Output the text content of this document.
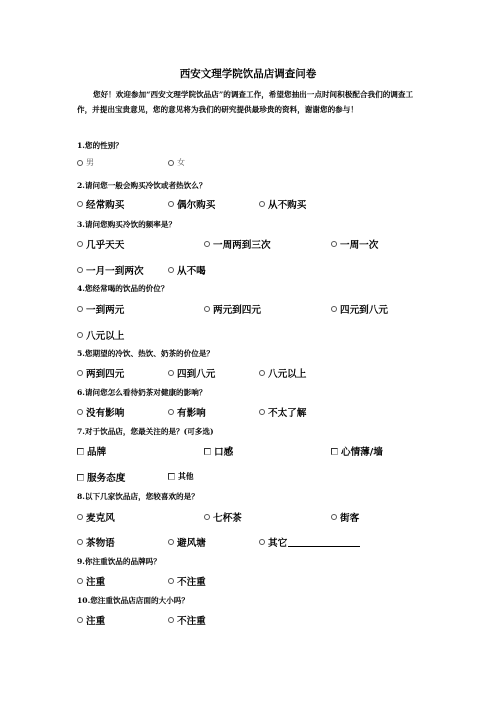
西安文理学院饮品店调查问卷
您好！欢迎参加“西安文理学院饮品店”的调查工作，希望您抽出一点时间积极配合我们的调查工作，并提出宝贵意见，您的意见将为我们的研究提供最珍贵的资料，谢谢您的参与！
1.您的性别？
男	女
2.请问您一般会购买冷饮或者热饮么？
经常购买	偶尔购买	从不购买
3.请问您购买冷饮的频率是？
几乎天天	一周两到三次	一周一次
一月一到两次	从不喝
4.您经常喝的饮品的价位？
一到两元	两元到四元	四元到八元
八元以上
5.您期望的冷饮、热饮、奶茶的价位是？
两到四元	四到八元	八元以上
6.请问您怎么看待奶茶对健康的影响？
没有影响	有影响	不太了解
7.对于饮品店，您最关注的是？(可多选)
品牌	口感	心情薄/墙
服务态度	其他
8.以下几家饮品店，您较喜欢的是？
麦克风	七杯茶	街客
茶物语	避风塘	其它
9.你注重饮品的品牌吗？
注重	不注重
10.您注重饮品店店面的大小吗？
注重	不注重
